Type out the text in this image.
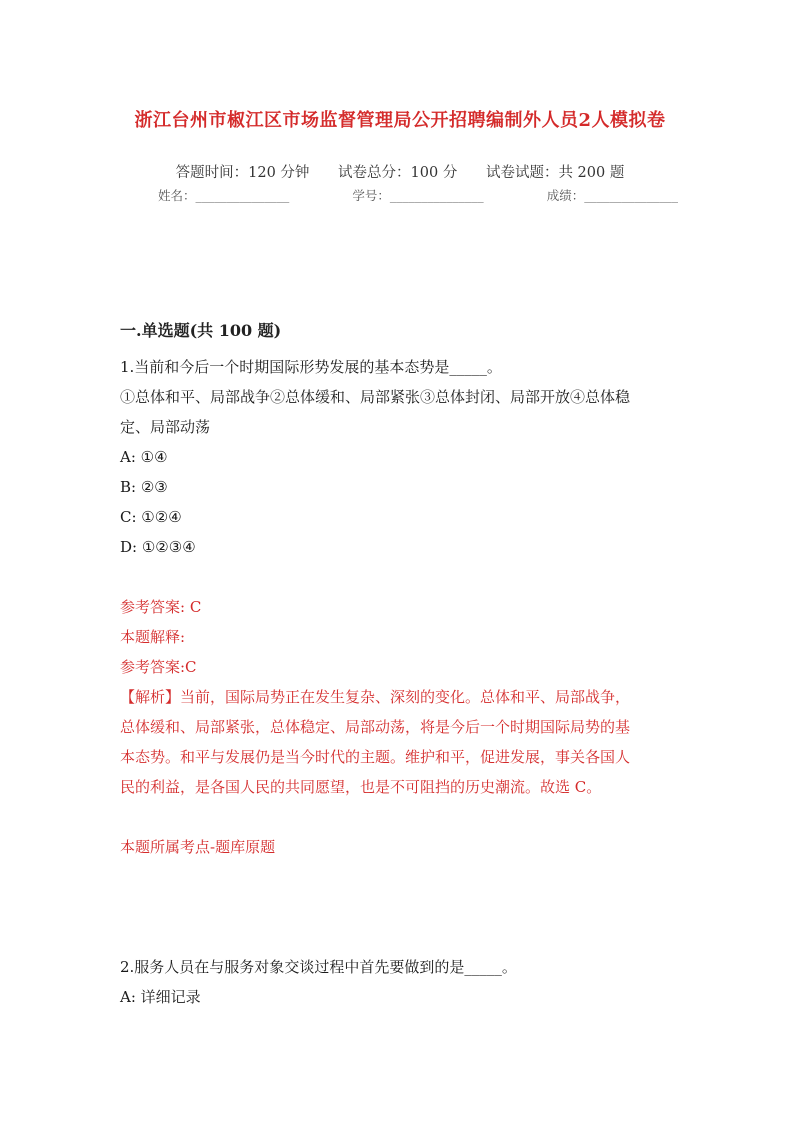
浙江台州市椒江区市场监督管理局公开招聘编制外人员2人模拟卷
答题时间：120 分钟 试卷总分：100 分 试卷试题：共 200 题
姓名：_______________	学号：_______________	成绩：_______________
一.单选题(共 100 题)
1.当前和今后一个时期国际形势发展的基本态势是_____。
①总体和平、局部战争②总体缓和、局部紧张③总体封闭、局部开放④总体稳
定、局部动荡
A: ①④
B: ②③
C: ①②④
D: ①②③④
参考答案: C
本题解释:
参考答案:C
【解析】当前，国际局势正在发生复杂、深刻的变化。总体和平、局部战争，
总体缓和、局部紧张，总体稳定、局部动荡，将是今后一个时期国际局势的基
本态势。和平与发展仍是当今时代的主题。维护和平，促进发展，事关各国人
民的利益，是各国人民的共同愿望，也是不可阻挡的历史潮流。故选 C。
本题所属考点-题库原题
2.服务人员在与服务对象交谈过程中首先要做到的是_____。
A: 详细记录
